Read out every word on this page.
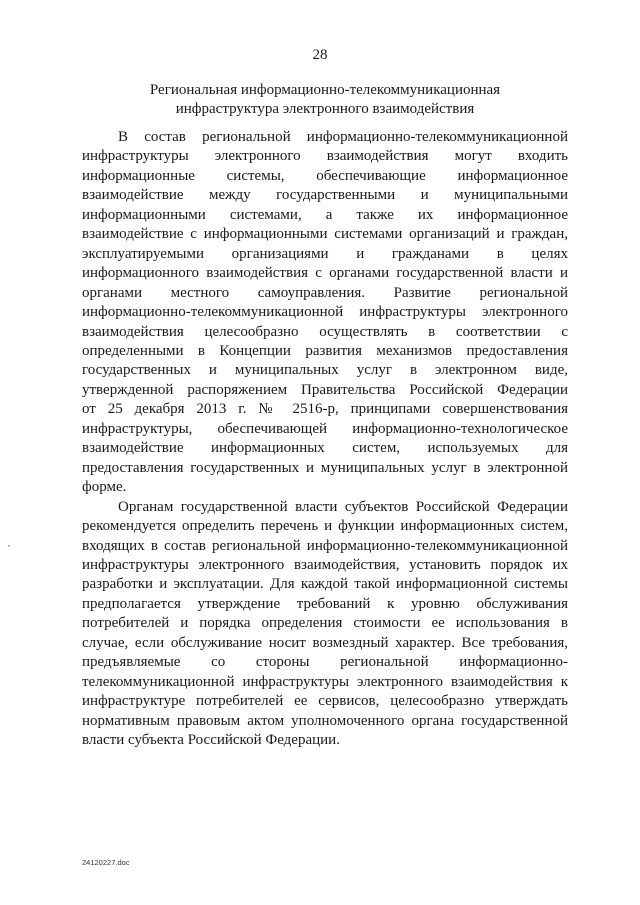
28
Региональная информационно-телекоммуникационная
инфраструктура электронного взаимодействия
В состав региональной информационно-телекоммуникационной
инфраструктуры электронного взаимодействия могут входить
информационные системы, обеспечивающие информационное
взаимодействие между государственными и муниципальными
информационными системами, а также их информационное
взаимодействие с информационными системами организаций и граждан,
эксплуатируемыми организациями и гражданами в целях
информационного взаимодействия с органами государственной власти и
органами местного самоуправления. Развитие региональной
информационно-телекоммуникационной инфраструктуры электронного
взаимодействия целесообразно осуществлять в соответствии с
определенными в Концепции развития механизмов предоставления
государственных и муниципальных услуг в электронном виде,
утвержденной распоряжением Правительства Российской Федерации
от 25 декабря 2013 г. № 2516-р, принципами совершенствования
инфраструктуры, обеспечивающей информационно-технологическое
взаимодействие информационных систем, используемых для
предоставления государственных и муниципальных услуг в электронной
форме.
Органам государственной власти субъектов Российской Федерации
рекомендуется определить перечень и функции информационных систем,
входящих в состав региональной информационно-телекоммуникационной
инфраструктуры электронного взаимодействия, установить порядок их
разработки и эксплуатации. Для каждой такой информационной системы
предполагается утверждение требований к уровню обслуживания
потребителей и порядка определения стоимости ее использования в
случае, если обслуживание носит возмездный характер. Все требования,
предъявляемые со стороны региональной информационно-
телекоммуникационной инфраструктуры электронного взаимодействия к
инфраструктуре потребителей ее сервисов, целесообразно утверждать
нормативным правовым актом уполномоченного органа государственной
власти субъекта Российской Федерации.
24120227.doc
